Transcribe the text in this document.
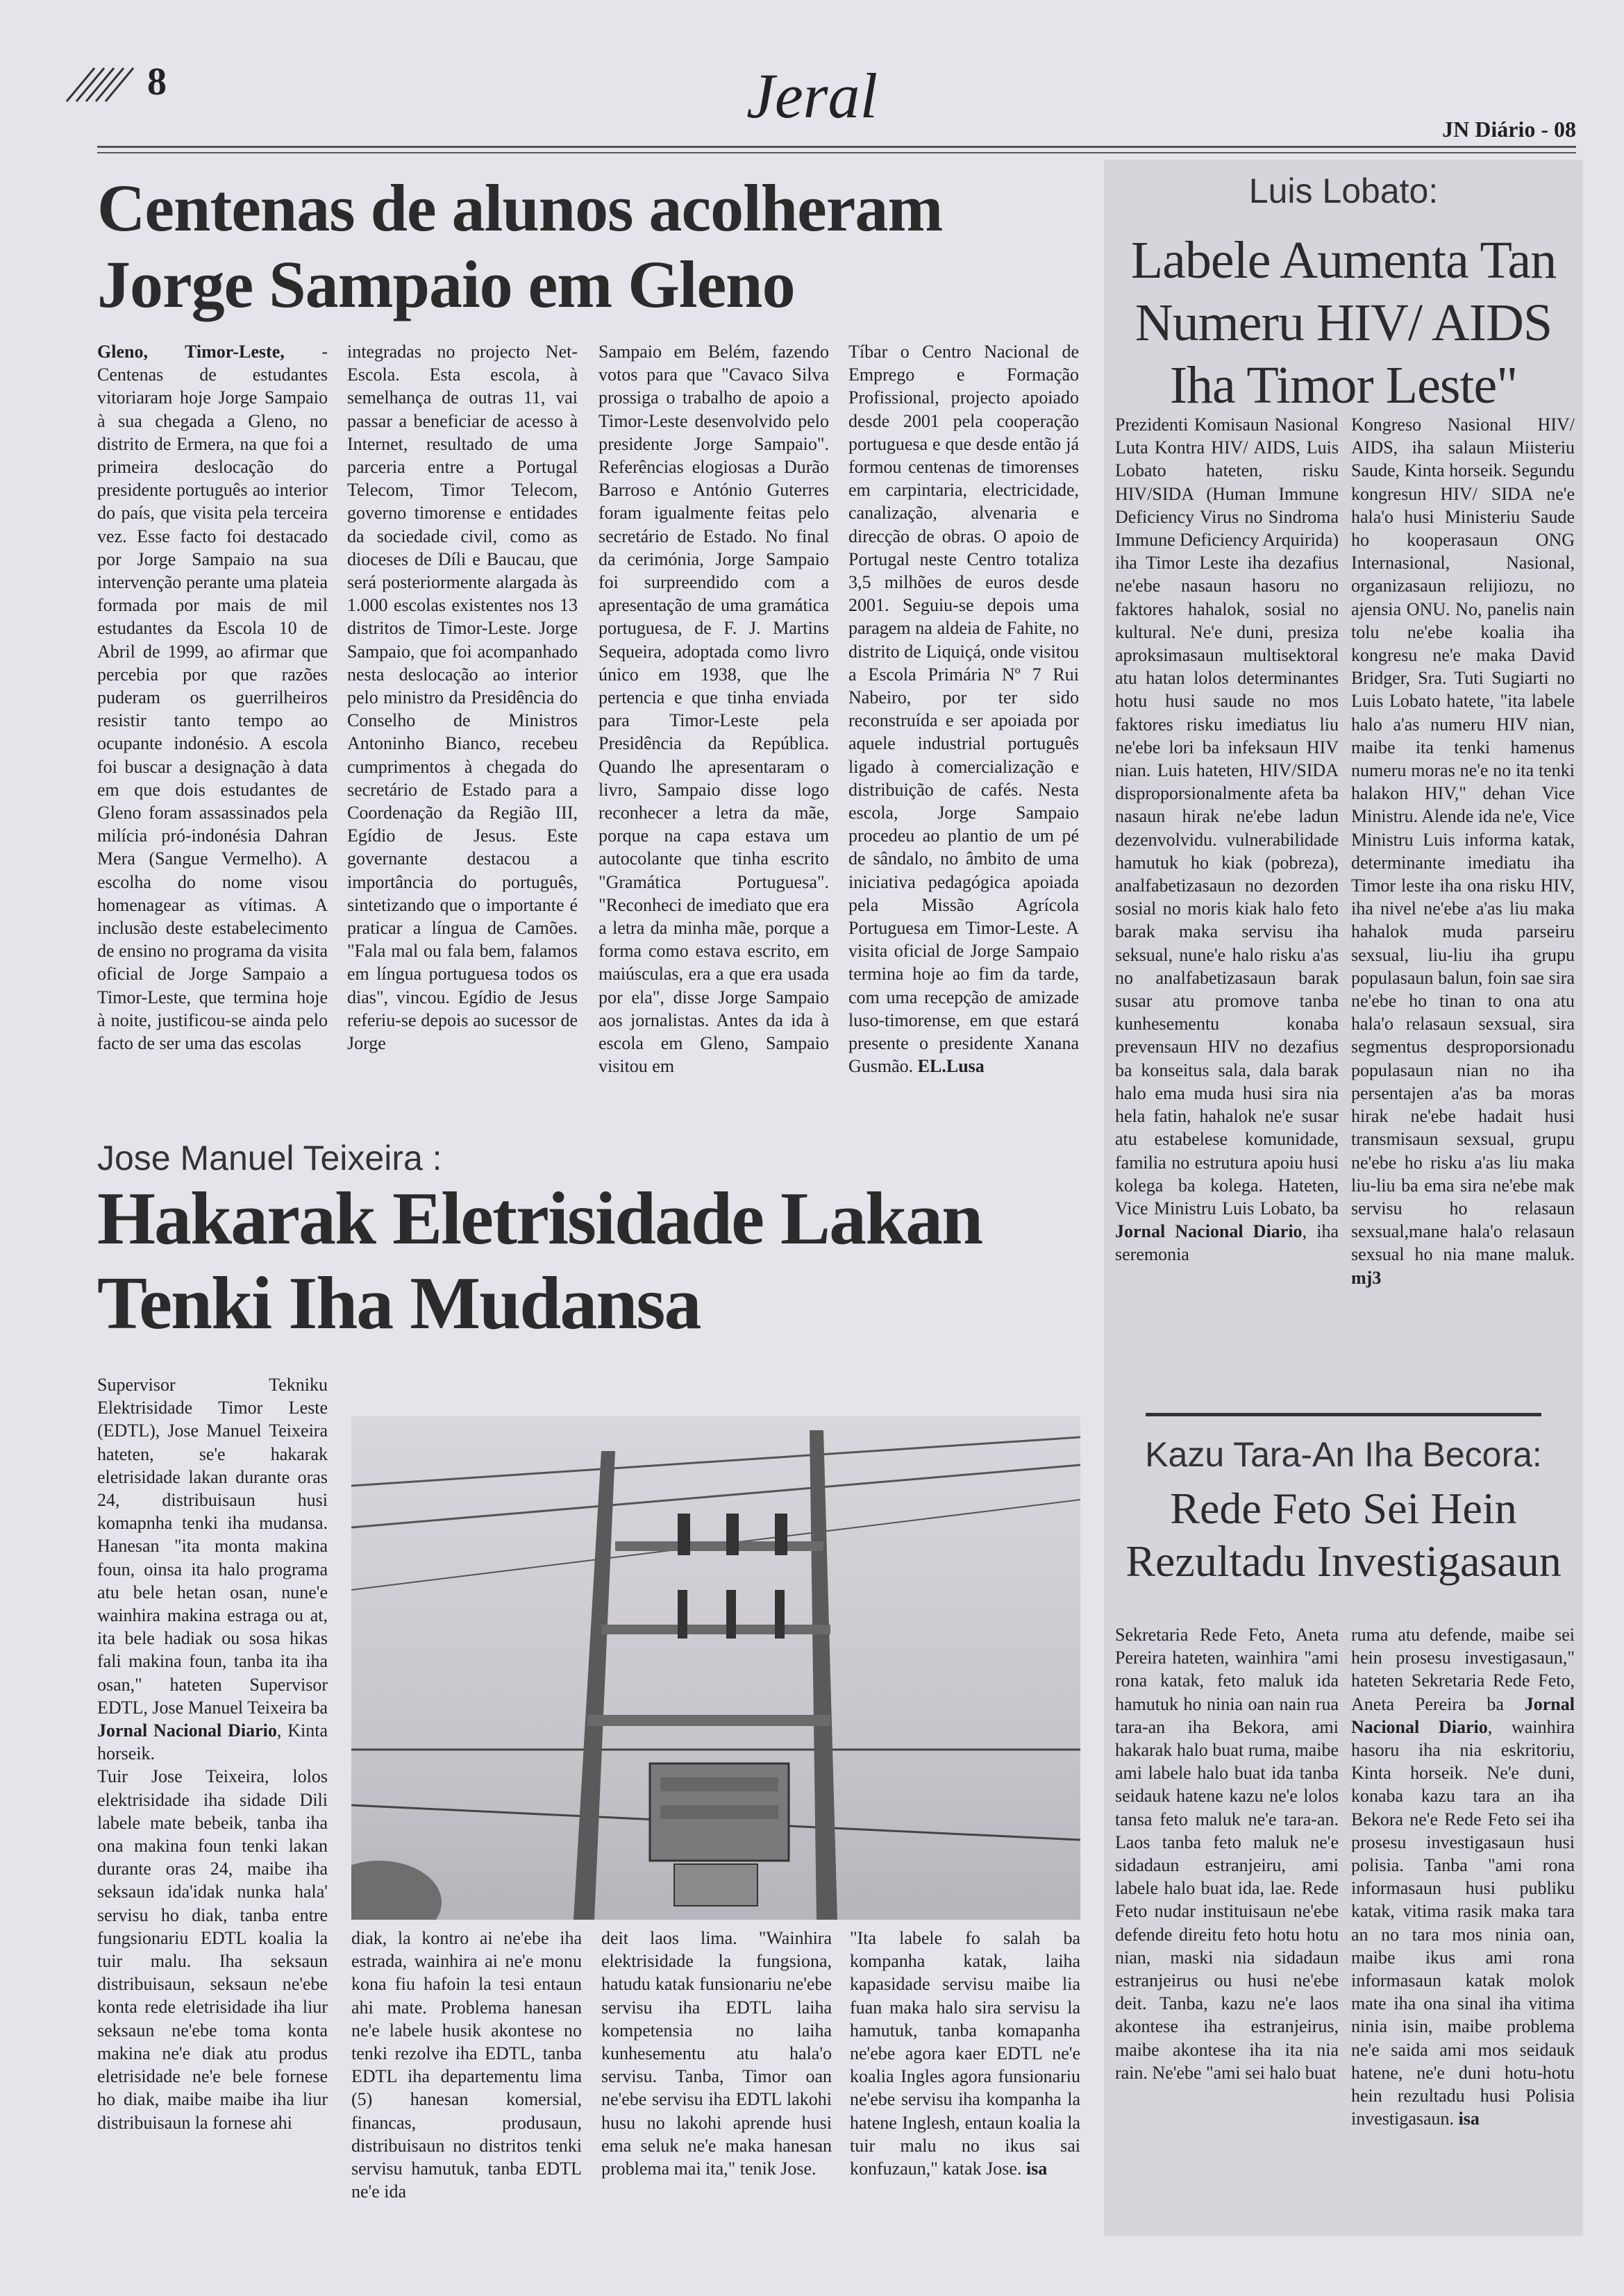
8	Jeral	JN Diário - 08
Centenas de alunos acolheram
Jorge Sampaio em Gleno
Gleno, Timor-Leste, - Centenas de estudantes vitoriaram hoje Jorge Sampaio à sua chegada a Gleno, no distrito de Ermera, na que foi a primeira deslocação do presidente português ao interior do país, que visita pela terceira vez. Esse facto foi destacado por Jorge Sampaio na sua intervenção perante uma plateia formada por mais de mil estudantes da Escola 10 de Abril de 1999, ao afirmar que percebia por que razões puderam os guerrilheiros resistir tanto tempo ao ocupante indonésio. A escola foi buscar a designação à data em que dois estudantes de Gleno foram assassinados pela milícia pró-indonésia Dahran Mera (Sangue Vermelho). A escolha do nome visou homenagear as vítimas. A inclusão deste estabelecimento de ensino no programa da visita oficial de Jorge Sampaio a Timor-Leste, que termina hoje à noite, justificou-se ainda pelo facto de ser uma das escolas
integradas no projecto Net-Escola. Esta escola, à semelhança de outras 11, vai passar a beneficiar de acesso à Internet, resultado de uma parceria entre a Portugal Telecom, Timor Telecom, governo timorense e entidades da sociedade civil, como as dioceses de Díli e Baucau, que será posteriormente alargada às 1.000 escolas existentes nos 13 distritos de Timor-Leste. Jorge Sampaio, que foi acompanhado nesta deslocação ao interior pelo ministro da Presidência do Conselho de Ministros Antoninho Bianco, recebeu cumprimentos à chegada do secretário de Estado para a Coordenação da Região III, Egídio de Jesus. Este governante destacou a importância do português, sintetizando que o importante é praticar a língua de Camões. "Fala mal ou fala bem, falamos em língua portuguesa todos os dias", vincou. Egídio de Jesus referiu-se depois ao sucessor de Jorge
Sampaio em Belém, fazendo votos para que "Cavaco Silva prossiga o trabalho de apoio a Timor-Leste desenvolvido pelo presidente Jorge Sampaio". Referências elogiosas a Durão Barroso e António Guterres foram igualmente feitas pelo secretário de Estado. No final da cerimónia, Jorge Sampaio foi surpreendido com a apresentação de uma gramática portuguesa, de F. J. Martins Sequeira, adoptada como livro único em 1938, que lhe pertencia e que tinha enviada para Timor-Leste pela Presidência da República. Quando lhe apresentaram o livro, Sampaio disse logo reconhecer a letra da mãe, porque na capa estava um autocolante que tinha escrito "Gramática Portuguesa". "Reconheci de imediato que era a letra da minha mãe, porque a forma como estava escrito, em maiúsculas, era a que era usada por ela", disse Jorge Sampaio aos jornalistas. Antes da ida à escola em Gleno, Sampaio visitou em
Tíbar o Centro Nacional de Emprego e Formação Profissional, projecto apoiado desde 2001 pela cooperação portuguesa e que desde então já formou centenas de timorenses em carpintaria, electricidade, canalização, alvenaria e direcção de obras. O apoio de Portugal neste Centro totaliza 3,5 milhões de euros desde 2001. Seguiu-se depois uma paragem na aldeia de Fahite, no distrito de Liquiçá, onde visitou a Escola Primária Nº 7 Rui Nabeiro, por ter sido reconstruída e ser apoiada por aquele industrial português ligado à comercialização e distribuição de cafés. Nesta escola, Jorge Sampaio procedeu ao plantio de um pé de sândalo, no âmbito de uma iniciativa pedagógica apoiada pela Missão Agrícola Portuguesa em Timor-Leste. A visita oficial de Jorge Sampaio termina hoje ao fim da tarde, com uma recepção de amizade luso-timorense, em que estará presente o presidente Xanana Gusmão. EL.Lusa
Jose Manuel Teixeira :
Hakarak Eletrisidade Lakan
Tenki Iha Mudansa
Supervisor Tekniku Elektrisidade Timor Leste (EDTL), Jose Manuel Teixeira hateten, se'e hakarak eletrisidade lakan durante oras 24, distribuisaun husi komapnha tenki iha mudansa. Hanesan "ita monta makina foun, oinsa ita halo programa atu bele hetan osan, nune'e wainhira makina estraga ou at, ita bele hadiak ou sosa hikas fali makina foun, tanba ita iha osan," hateten Supervisor EDTL, Jose Manuel Teixeira ba Jornal Nacional Diario, Kinta horseik.

Tuir Jose Teixeira, lolos elektrisidade iha sidade Dili labele mate bebeik, tanba iha ona makina foun tenki lakan durante oras 24, maibe iha seksaun ida'idak nunka hala' servisu ho diak, tanba entre fungsionariu EDTL koalia la tuir malu. Iha seksaun distribuisaun, seksaun ne'ebe konta rede eletrisidade iha liur seksaun ne'ebe toma konta makina ne'e diak atu produs eletrisidade ne'e bele fornese ho diak, maibe maibe iha liur distribuisaun la fornese ahi

diak, la kontro ai ne'ebe iha estrada, wainhira ai ne'e monu kona fiu hafoin la tesi entaun ahi mate. Problema hanesan ne'e labele husik akontese no tenki rezolve iha EDTL, tanba EDTL iha departementu lima (5) hanesan komersial, financas, produsaun, distribuisaun no distritos tenki servisu hamutuk, tanba EDTL ne'e ida
deit laos lima. "Wainhira elektrisidade la fungsiona, hatudu katak funsionariu ne'ebe servisu iha EDTL laiha kompetensia no laiha kunhesementu atu hala'o servisu. Tanba, Timor oan ne'ebe servisu iha EDTL lakohi husu no lakohi aprende husi ema seluk ne'e maka hanesan problema mai ita," tenik Jose.
"Ita labele fo salah ba kompanha katak, laiha kapasidade servisu maibe lia fuan maka halo sira servisu la hamutuk, tanba komapanha ne'ebe agora kaer EDTL ne'e koalia Ingles agora funsionariu ne'ebe servisu iha kompanha la hatene Inglesh, entaun koalia la tuir malu no ikus sai konfuzaun," katak Jose. isa
Luis Lobato:
Labele Aumenta Tan
Numeru HIV/ AIDS
Iha Timor Leste"
Prezidenti Komisaun Nasional Luta Kontra HIV/ AIDS, Luis Lobato hateten, risku HIV/SIDA (Human Immune Deficiency Virus no Sindroma Immune Deficiency Arquirida) iha Timor Leste iha dezafius ne'ebe nasaun hasoru no faktores hahalok, sosial no kultural. Ne'e duni, presiza aproksimasaun multisektoral atu hatan lolos determinantes hotu husi saude no mos faktores risku imediatus liu ne'ebe lori ba infeksaun HIV nian. Luis hateten, HIV/SIDA disproporsionalmente afeta ba nasaun hirak ne'ebe ladun dezenvolvidu. vulnerabilidade hamutuk ho kiak (pobreza), analfabetizasaun no dezorden sosial no moris kiak halo feto barak maka servisu iha seksual, nune'e halo risku a'as no analfabetizasaun barak susar atu promove tanba kunhesementu konaba prevensaun HIV no dezafius ba konseitus sala, dala barak halo ema muda husi sira nia hela fatin, hahalok ne'e susar atu estabelese komunidade, familia no estrutura apoiu husi kolega ba kolega. Hateten, Vice Ministru Luis Lobato, ba Jornal Nacional Diario, iha seremonia
Kongreso Nasional HIV/ AIDS, iha salaun Miisteriu Saude, Kinta horseik. Segundu kongresun HIV/ SIDA ne'e hala'o husi Ministeriu Saude ho kooperasaun ONG Internasional, Nasional, organizasaun relijiozu, no ajensia ONU. No, panelis nain tolu ne'ebe koalia iha kongresu ne'e maka David Bridger, Sra. Tuti Sugiarti no Luis Lobato hatete, "ita labele halo a'as numeru HIV nian, maibe ita tenki hamenus numeru moras ne'e no ita tenki halakon HIV," dehan Vice Ministru. Alende ida ne'e, Vice Ministru Luis informa katak, determinante imediatu iha Timor leste iha ona risku HIV, iha nivel ne'ebe a'as liu maka hahalok muda parseiru sexsual, liu-liu iha grupu populasaun balun, foin sae sira ne'ebe ho tinan to ona atu hala'o relasaun sexsual, sira segmentus desproporsionadu populasaun nian no iha persentajen a'as ba moras hirak ne'ebe hadait husi transmisaun sexsual, grupu ne'ebe ho risku a'as liu maka liu-liu ba ema sira ne'ebe mak servisu ho relasaun sexsual,mane hala'o relasaun sexsual ho nia mane maluk. mj3
Kazu Tara-An Iha Becora:
Rede Feto Sei Hein
Rezultadu Investigasaun
Sekretaria Rede Feto, Aneta Pereira hateten, wainhira "ami rona katak, feto maluk ida hamutuk ho ninia oan nain rua tara-an iha Bekora, ami hakarak halo buat ruma, maibe ami labele halo buat ida tanba seidauk hatene kazu ne'e lolos tansa feto maluk ne'e tara-an. Laos tanba feto maluk ne'e sidadaun estranjeiru, ami labele halo buat ida, lae. Rede Feto nudar instituisaun ne'ebe defende direitu feto hotu hotu nian, maski nia sidadaun estranjeirus ou husi ne'ebe deit. Tanba, kazu ne'e laos akontese iha estranjeirus, maibe akontese iha ita nia rain. Ne'ebe "ami sei halo buat
ruma atu defende, maibe sei hein prosesu investigasaun," hateten Sekretaria Rede Feto, Aneta Pereira ba Jornal Nacional Diario, wainhira hasoru iha nia eskritoriu, Kinta horseik. Ne'e duni, konaba kazu tara an iha Bekora ne'e Rede Feto sei iha prosesu investigasaun husi polisia. Tanba "ami rona informasaun husi publiku katak, vitima rasik maka tara an no tara mos ninia oan, maibe ikus ami rona informasaun katak molok mate iha ona sinal iha vitima ninia isin, maibe problema ne'e saida ami mos seidauk hatene, ne'e duni hotu-hotu hein rezultadu husi Polisia investigasaun. isa
